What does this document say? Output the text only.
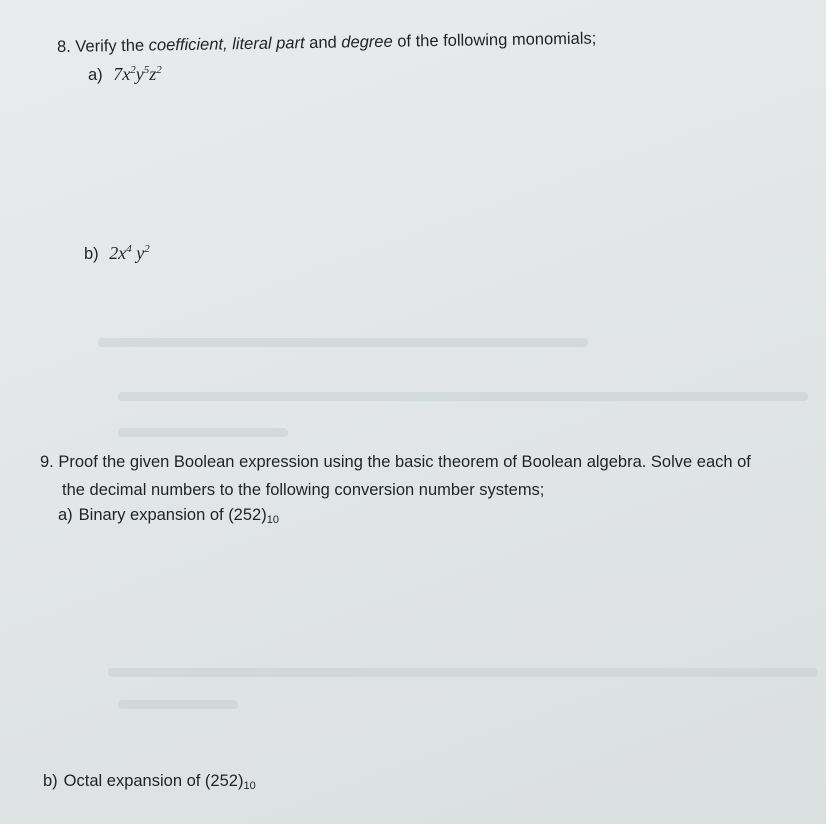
8. Verify the coefficient, literal part and degree of the following monomials;
a) $7x^2y^5z^2$
b) $2x^4$ $y^2$
9. Proof the given Boolean expression using the basic theorem of Boolean algebra. Solve each of
the decimal numbers to the following conversion number systems;
a) Binary expansion of $(252)_{10}$
b) Octal expansion of $(252)_{10}$
